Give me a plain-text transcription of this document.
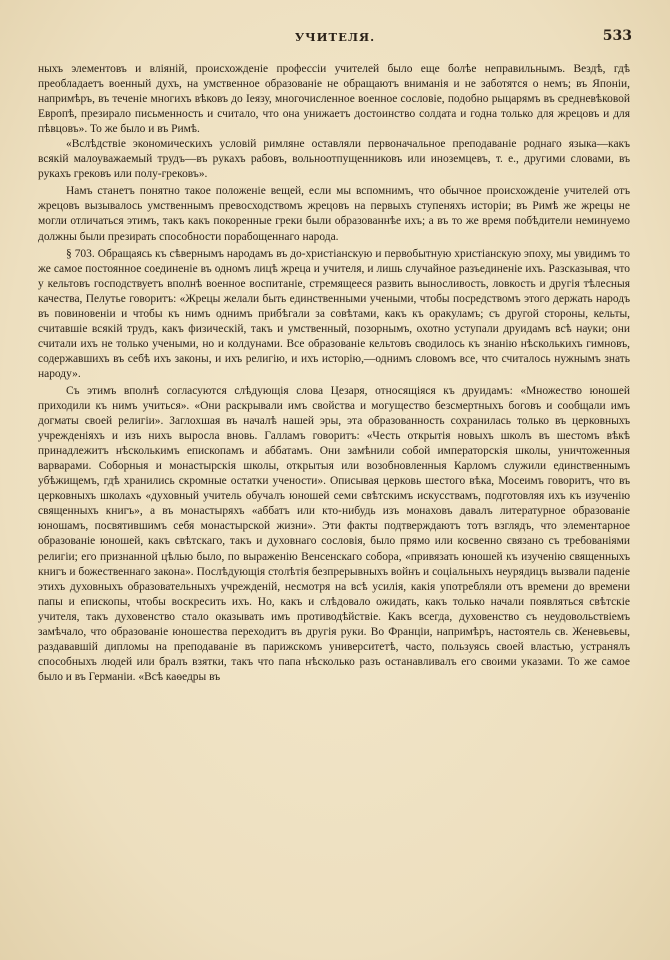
УЧИТЕЛЯ.	533

ныхъ элементовъ и вліяній, происхожденіе профессіи учителей было еще болѣе неправильнымъ. Вездѣ, гдѣ преобладаетъ военный духъ, на умственное образованіе не обращаютъ вниманія и не заботятся о немъ; въ Японіи, напримѣръ, въ теченіе многихъ вѣковъ до Іеязу, многочисленное военное сословіе, подобно рыцарямъ въ средневѣковой Европѣ, презирало письменность и считало, что она унижаетъ достоинство солдата и годна только для жрецовъ и для пѣвцовъ». То же было и въ Римѣ.

«Вслѣдствіе экономическихъ условій римляне оставляли первоначальное преподаваніе роднаго языка—какъ всякій малоуважаемый трудъ—въ рукахъ рабовъ, вольноотпущенниковъ или иноземцевъ, т. е., другими словами, въ рукахъ грековъ или полу-грековъ».

Намъ станетъ понятно такое положеніе вещей, если мы вспомнимъ, что обычное происхожденіе учителей отъ жрецовъ вызывалось умственнымъ превосходствомъ жрецовъ на первыхъ ступеняхъ исторіи; въ Римѣ же жрецы не могли отличаться этимъ, такъ какъ покоренные греки были образованнѣе ихъ; а въ то же время побѣдители неминуемо должны были презирать способности порабощеннаго народа.

§ 703. Обращаясь къ сѣвернымъ народамъ въ до-христіанскую и первобытную христіанскую эпоху, мы увидимъ то же самое постоянное соединеніе въ одномъ лицѣ жреца и учителя, и лишь случайное разъединеніе ихъ. Разсказывая, что у кельтовъ господствуетъ вполнѣ военное воспитаніе, стремящееся развить выносливость, ловкость и другія тѣлесныя качества, Пелутье говоритъ: «Жрецы желали быть единственными учеными, чтобы посредствомъ этого держать народъ въ повиновеніи и чтобы къ нимъ однимъ прибѣгали за совѣтами, какъ къ оракуламъ; съ другой стороны, кельты, считавшіе всякій трудъ, какъ физическій, такъ и умственный, позорнымъ, охотно уступали друидамъ всѣ науки; они считали ихъ не только учеными, но и колдунами. Все образованіе кельтовъ сводилось къ знанію нѣсколькихъ гимновъ, содержавшихъ въ себѣ ихъ законы, и ихъ религію, и ихъ исторію,—однимъ словомъ все, что считалось нужнымъ знать народу».

Съ этимъ вполнѣ согласуются слѣдующія слова Цезаря, относящіяся къ друидамъ: «Множество юношей приходили къ нимъ учиться». «Они раскрывали имъ свойства и могущество безсмертныхъ боговъ и сообщали имъ догматы своей религіи». Заглохшая въ началѣ нашей эры, эта образованность сохранилась только въ церковныхъ учрежденіяхъ и изъ нихъ выросла вновь. Галламъ говоритъ: «Честь открытія новыхъ школъ въ шестомъ вѣкѣ принадлежитъ нѣсколькимъ епископамъ и аббатамъ. Они замѣнили собой императорскія школы, уничтоженныя варварами. Соборныя и монастырскія школы, открытыя или возобновленныя Карломъ служили единственнымъ убѣжищемъ, гдѣ хранились скромные остатки учености». Описывая церковь шестого вѣка, Мосеимъ говоритъ, что въ церковныхъ школахъ «духовный учитель обучалъ юношей семи свѣтскимъ искусствамъ, подготовляя ихъ къ изученію священныхъ книгъ», а въ монастыряхъ «аббатъ или кто-нибудь изъ монаховъ давалъ литературное образованіе юношамъ, посвятившимъ себя монастырской жизни». Эти факты подтверждаютъ тотъ взглядъ, что элементарное образованіе юношей, какъ свѣтскаго, такъ и духовнаго сословія, было прямо или косвенно связано съ требованіями религіи; его признанной цѣлью было, по выраженію Венсенскаго собора, «привязать юношей къ изученію священныхъ книгъ и божественнаго закона». Послѣдующія столѣтія безпрерывныхъ войнъ и соціальныхъ неурядицъ вызвали паденіе этихъ духовныхъ образовательныхъ учрежденій, несмотря на всѣ усилія, какія употребляли отъ времени до времени папы и епископы, чтобы воскресить ихъ. Но, какъ и слѣдовало ожидать, какъ только начали появляться свѣтскіе учителя, такъ духовенство стало оказывать имъ противодѣйствіе. Какъ всегда, духовенство съ неудовольствіемъ замѣчало, что образованіе юношества переходитъ въ другія руки. Во Франціи, напримѣръ, настоятель св. Женевьевы, раздававшій дипломы на преподаваніе въ парижскомъ университетѣ, часто, пользуясь своей властью, устранялъ способныхъ людей или бралъ взятки, такъ что папа нѣсколько разъ останавливалъ его своими указами. То же самое было и въ Германіи. «Всѣ каѳедры въ
